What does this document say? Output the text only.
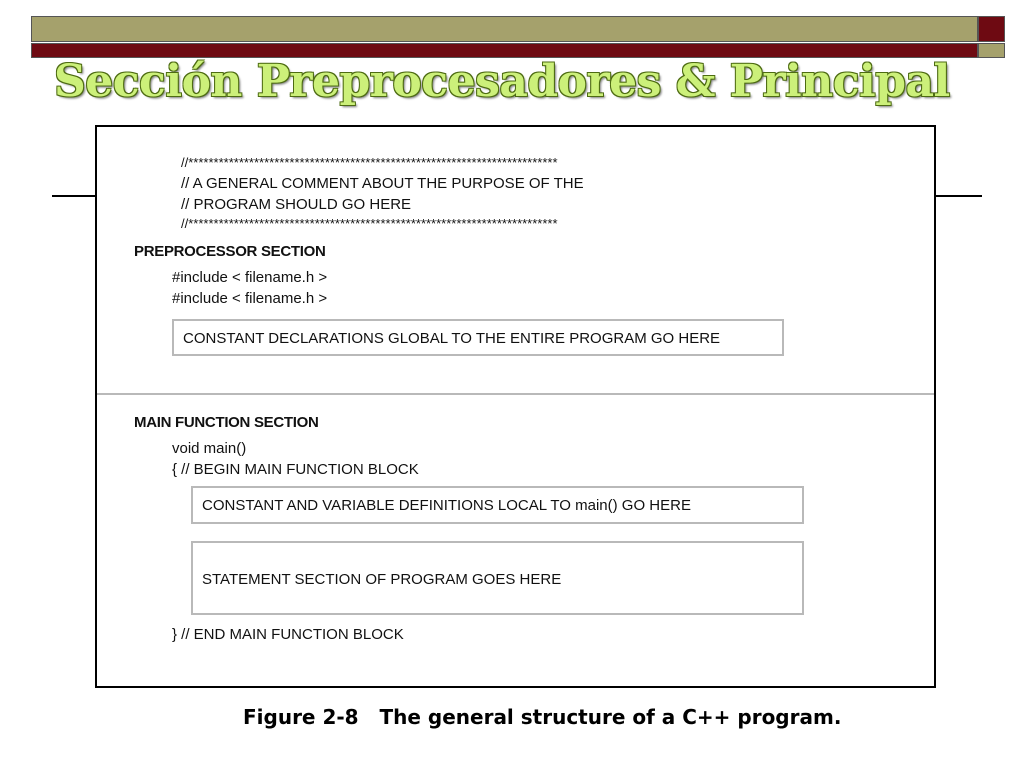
Sección Preprocesadores & Principal
//*************************************************************************
// A GENERAL COMMENT ABOUT THE PURPOSE OF THE
// PROGRAM SHOULD GO HERE
//*************************************************************************
PREPROCESSOR SECTION
#include < filename.h >
#include < filename.h >
CONSTANT DECLARATIONS GLOBAL TO THE ENTIRE PROGRAM GO HERE
MAIN FUNCTION SECTION
void main()
{ // BEGIN MAIN FUNCTION BLOCK
CONSTANT AND VARIABLE DEFINITIONS LOCAL TO main() GO HERE
STATEMENT SECTION OF PROGRAM GOES HERE
} // END MAIN FUNCTION BLOCK
Figure 2-8   The general structure of a C++ program.
